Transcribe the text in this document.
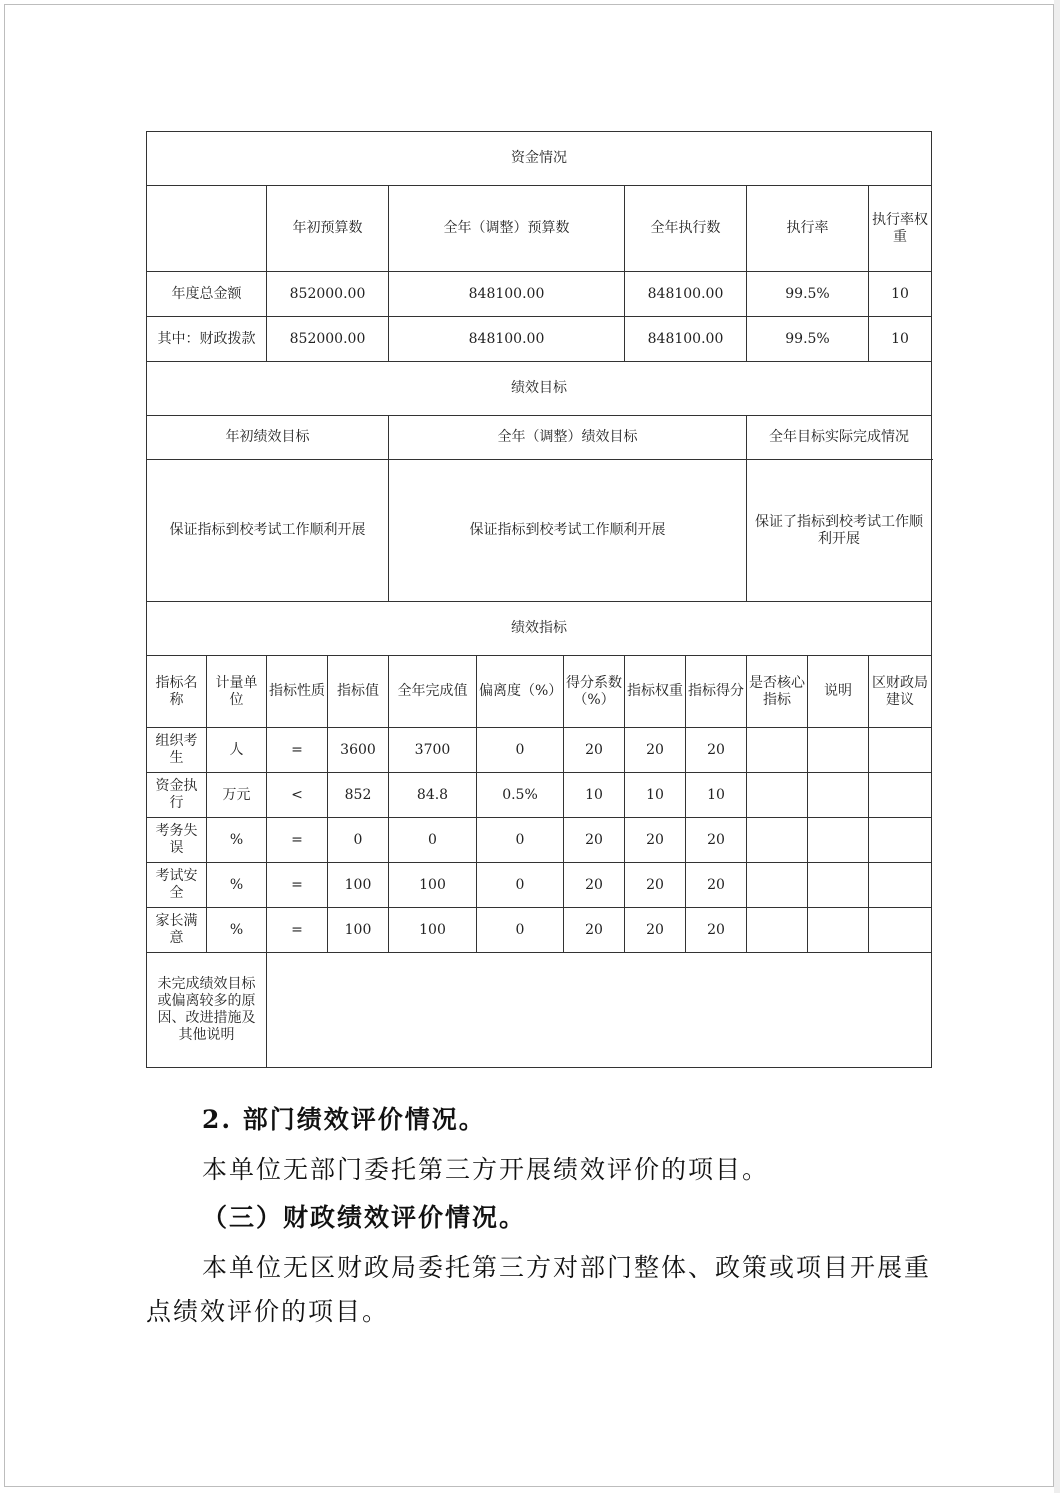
资金情况												
		年初预算数		全年（调整）预算数			全年执行数		执行率		执行率权重	
年度总金额		852000.00		848100.00			848100.00		99.5%		10	
其中：财政拨款		852000.00		848100.00			848100.00		99.5%		10	
绩效目标												
年初绩效目标				全年（调整）绩效目标					全年目标实际完成情况			
保证指标到校考试工作顺利开展				保证指标到校考试工作顺利开展					保证了指标到校考试工作顺利开展			
绩效指标												
指标名称	计量单位	指标性质	指标值	全年完成值	偏离度（%）	得分系数（%）	指标权重	指标得分	是否核心指标	说明	区财政局建议	
组织考生	人	=	3600	3700	0	20	20	20				
资金执行	万元	<	852	84.8	0.5%	10	10	10				
考务失误	%	=	0	0	0	20	20	20				
考试安全	%	=	100	100	0	20	20	20				
家长满意	%	=	100	100	0	20	20	20				
未完成绩效目标或偏离较多的原因、改进措施及其他说明												
2. 部门绩效评价情况。
本单位无部门委托第三方开展绩效评价的项目。
（三）财政绩效评价情况。
本单位无区财政局委托第三方对部门整体、政策或项目开展重点绩效评价的项目。
